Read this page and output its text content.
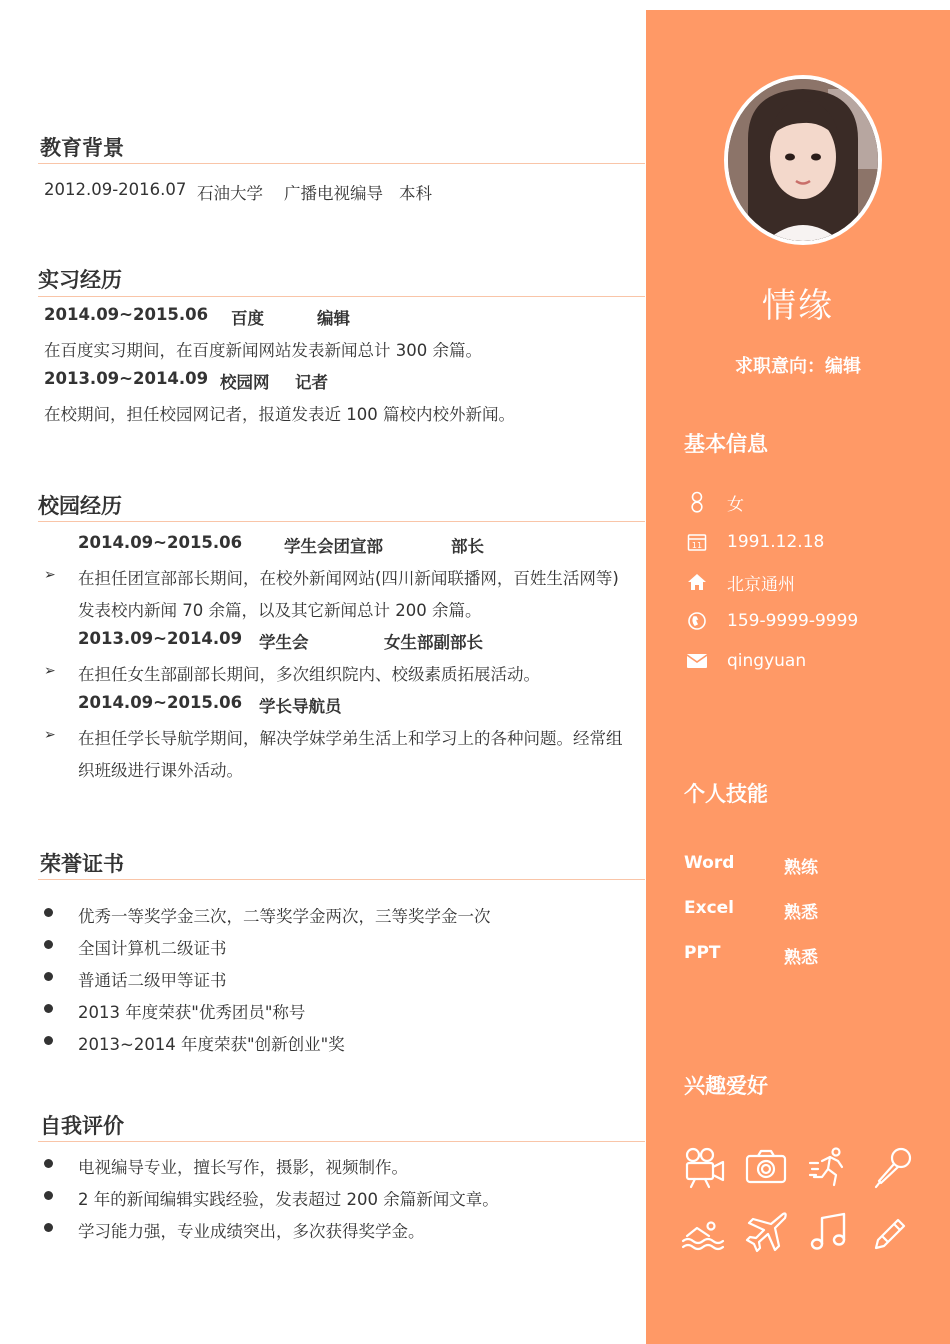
教育背景
2012.09-2016.07 石油大学 广播电视编导 本科
实习经历
2014.09~2015.06 百度	编辑
在百度实习期间，在百度新闻网站发表新闻总计 300 余篇。
2013.09~2014.09 校园网 记者
在校期间，担任校园网记者，报道发表近 100 篇校内校外新闻。
校园经历
2014.09~2015.06	学生会团宣部	部长
➢ 在担任团宣部部长期间，在校外新闻网站(四川新闻联播网，百姓生活网等)
发表校内新闻 70 余篇，以及其它新闻总计 200 余篇。
2013.09~2014.09 学生会	女生部副部长
➢ 在担任女生部副部长期间，多次组织院内、校级素质拓展活动。
2014.09~2015.06 学长导航员
➢ 在担任学长导航学期间，解决学妹学弟生活上和学习上的各种问题。经常组
织班级进行课外活动。
荣誉证书
优秀一等奖学金三次，二等奖学金两次，三等奖学金一次
全国计算机二级证书
普通话二级甲等证书
2013 年度荣获"优秀团员"称号
2013~2014 年度荣获"创新创业"奖
自我评价
电视编导专业，擅长写作，摄影，视频制作。
2 年的新闻编辑实践经验，发表超过 200 余篇新闻文章。
学习能力强，专业成绩突出，多次获得奖学金。
情缘
求职意向：编辑
基本信息
女
11 1991.12.18
北京通州
159-9999-9999
qingyuan
个人技能
Word	熟练
Excel	熟悉
PPT	熟悉
兴趣爱好
